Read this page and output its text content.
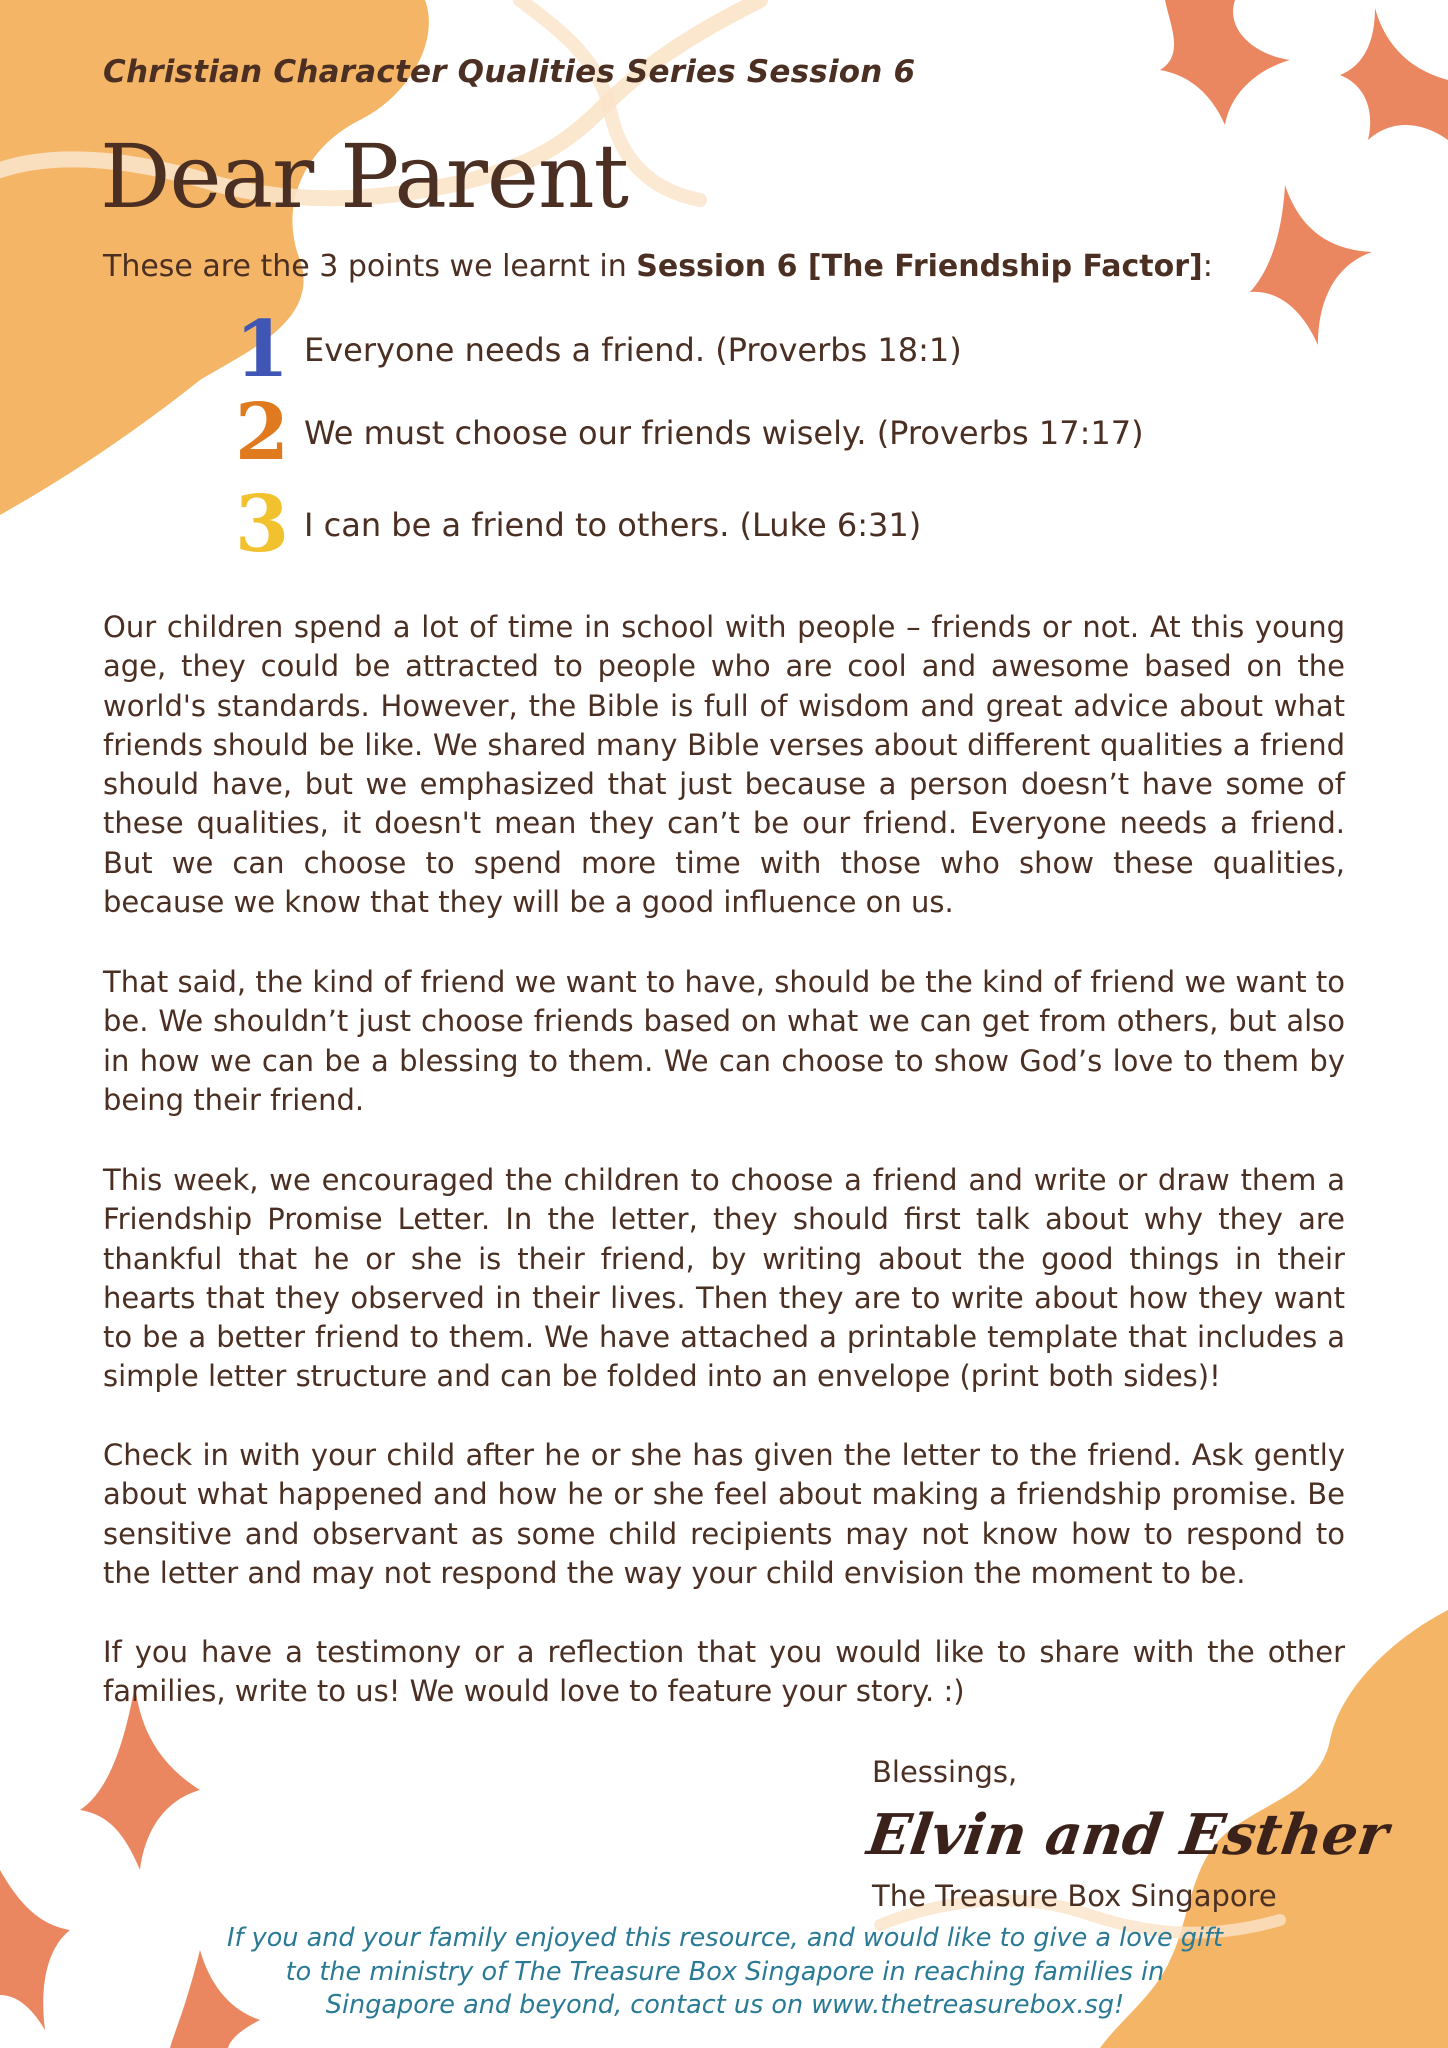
Christian Character Qualities Series Session 6
Dear Parent
These are the 3 points we learnt in Session 6 [The Friendship Factor]:
1 Everyone needs a friend. (Proverbs 18:1)
2 We must choose our friends wisely. (Proverbs 17:17)
3 I can be a friend to others. (Luke 6:31)

Our children spend a lot of time in school with people – friends or not. At this young age, they could be attracted to people who are cool and awesome based on the world's standards. However, the Bible is full of wisdom and great advice about what friends should be like. We shared many Bible verses about different qualities a friend should have, but we emphasized that just because a person doesn’t have some of these qualities, it doesn't mean they can’t be our friend. Everyone needs a friend. But we can choose to spend more time with those who show these qualities, because we know that they will be a good influence on us.

That said, the kind of friend we want to have, should be the kind of friend we want to be. We shouldn’t just choose friends based on what we can get from others, but also in how we can be a blessing to them. We can choose to show God’s love to them by being their friend.

This week, we encouraged the children to choose a friend and write or draw them a Friendship Promise Letter. In the letter, they should first talk about why they are thankful that he or she is their friend, by writing about the good things in their hearts that they observed in their lives. Then they are to write about how they want to be a better friend to them. We have attached a printable template that includes a simple letter structure and can be folded into an envelope (print both sides)!

Check in with your child after he or she has given the letter to the friend. Ask gently about what happened and how he or she feel about making a friendship promise. Be sensitive and observant as some child recipients may not know how to respond to the letter and may not respond the way your child envision the moment to be.

If you have a testimony or a reflection that you would like to share with the other families, write to us! We would love to feature your story. :)

Blessings,
Elvin and Esther
The Treasure Box Singapore
If you and your family enjoyed this resource, and would like to give a love gift
to the ministry of The Treasure Box Singapore in reaching families in
Singapore and beyond, contact us on www.thetreasurebox.sg!
